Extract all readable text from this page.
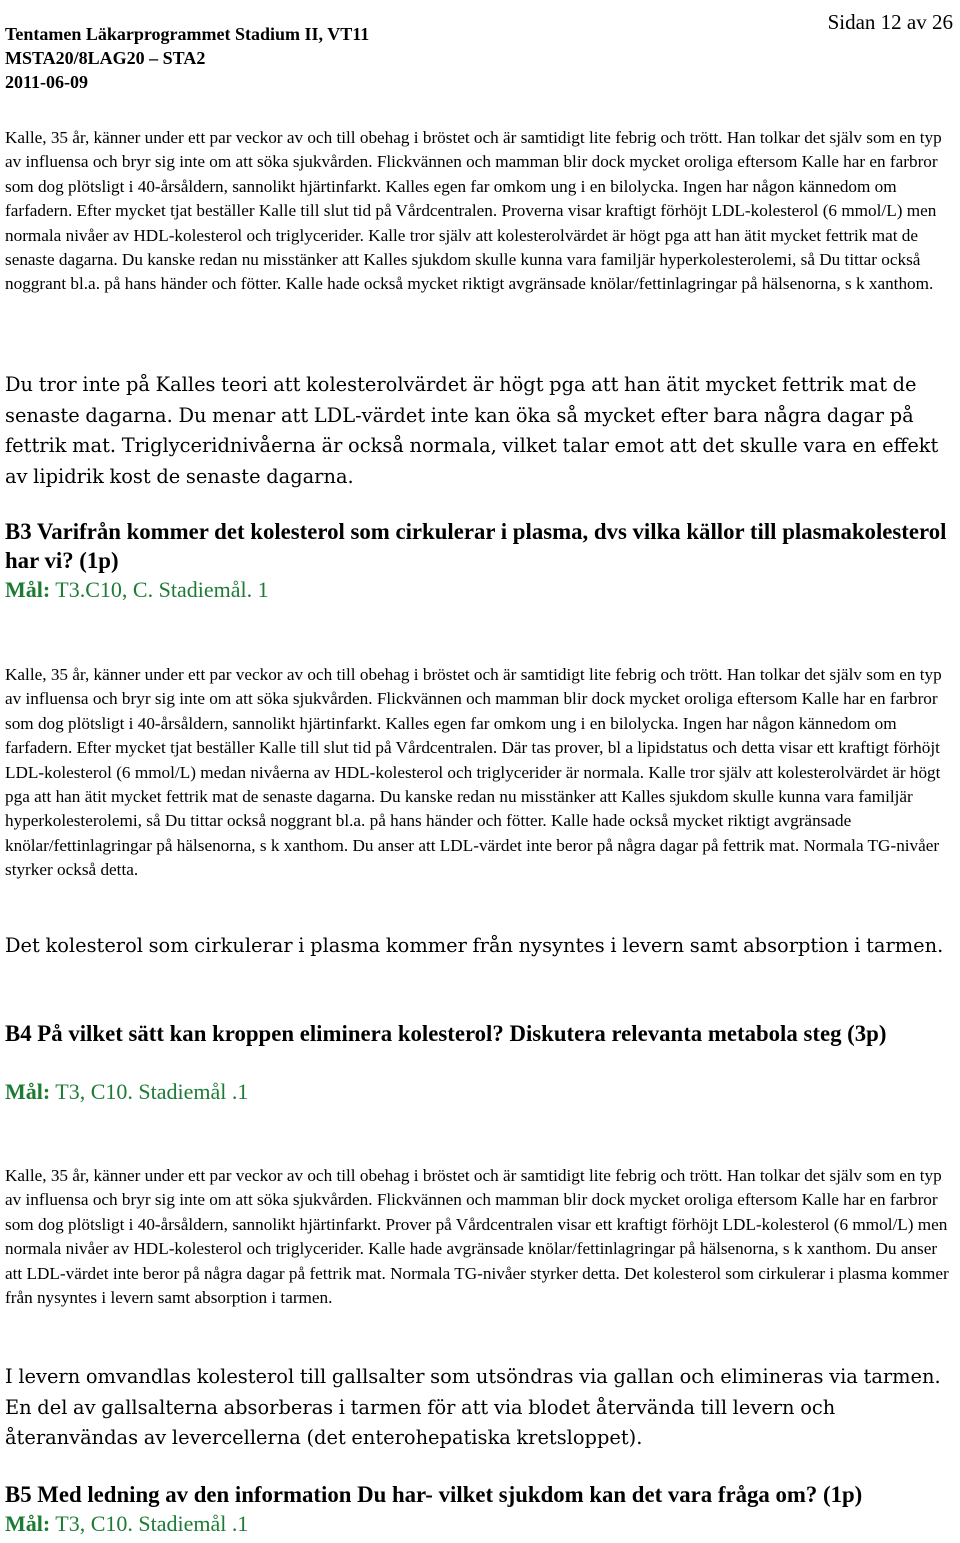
Tentamen Läkarprogrammet Stadium II, VT11
MSTA20/8LAG20 – STA2
2011-06-09
Sidan 12 av 26

Kalle, 35 år, känner under ett par veckor av och till obehag i bröstet och är samtidigt lite febrig och trött. Han tolkar det själv som en typ av influensa och bryr sig inte om att söka sjukvården. Flickvännen och mamman blir dock mycket oroliga eftersom Kalle har en farbror som dog plötsligt i 40-årsåldern, sannolikt hjärtinfarkt. Kalles egen far omkom ung i en bilolycka. Ingen har någon kännedom om farfadern. Efter mycket tjat beställer Kalle till slut tid på Vårdcentralen. Proverna visar kraftigt förhöjt LDL-kolesterol (6 mmol/L) men normala nivåer av HDL-kolesterol och triglycerider. Kalle tror själv att kolesterolvärdet är högt pga att han ätit mycket fettrik mat de senaste dagarna. Du kanske redan nu misstänker att Kalles sjukdom skulle kunna vara familjär hyperkolesterolemi, så Du tittar också noggrant bl.a. på hans händer och fötter. Kalle hade också mycket riktigt avgränsade knölar/fettinlagringar på hälsenorna, s k xanthom.

Du tror inte på Kalles teori att kolesterolvärdet är högt pga att han ätit mycket fettrik mat de senaste dagarna. Du menar att LDL-värdet inte kan öka så mycket efter bara några dagar på fettrik mat. Triglyceridnivåerna är också normala, vilket talar emot att det skulle vara en effekt av lipidrik kost de senaste dagarna.

B3 Varifrån kommer det kolesterol som cirkulerar i plasma, dvs vilka källor till plasmakolesterol har vi? (1p)

Mål: T3.C10, C. Stadiemål. 1

Kalle, 35 år, känner under ett par veckor av och till obehag i bröstet och är samtidigt lite febrig och trött. Han tolkar det själv som en typ av influensa och bryr sig inte om att söka sjukvården. Flickvännen och mamman blir dock mycket oroliga eftersom Kalle har en farbror som dog plötsligt i 40-årsåldern, sannolikt hjärtinfarkt. Kalles egen far omkom ung i en bilolycka. Ingen har någon kännedom om farfadern. Efter mycket tjat beställer Kalle till slut tid på Vårdcentralen. Där tas prover, bl a lipidstatus och detta visar ett kraftigt förhöjt LDL-kolesterol (6 mmol/L) medan nivåerna av HDL-kolesterol och triglycerider är normala. Kalle tror själv att kolesterolvärdet är högt pga att han ätit mycket fettrik mat de senaste dagarna. Du kanske redan nu misstänker att Kalles sjukdom skulle kunna vara familjär hyperkolesterolemi, så Du tittar också noggrant bl.a. på hans händer och fötter. Kalle hade också mycket riktigt avgränsade knölar/fettinlagringar på hälsenorna, s k xanthom. Du anser att LDL-värdet inte beror på några dagar på fettrik mat. Normala TG-nivåer styrker också detta.

Det kolesterol som cirkulerar i plasma kommer från nysyntes i levern samt absorption i tarmen.

B4 På vilket sätt kan kroppen eliminera kolesterol? Diskutera relevanta metabola steg (3p)

Mål: T3, C10. Stadiemål .1

Kalle, 35 år, känner under ett par veckor av och till obehag i bröstet och är samtidigt lite febrig och trött. Han tolkar det själv som en typ av influensa och bryr sig inte om att söka sjukvården. Flickvännen och mamman blir dock mycket oroliga eftersom Kalle har en farbror som dog plötsligt i 40-årsåldern, sannolikt hjärtinfarkt. Prover på Vårdcentralen visar ett kraftigt förhöjt LDL-kolesterol (6 mmol/L) men normala nivåer av HDL-kolesterol och triglycerider. Kalle hade avgränsade knölar/fettinlagringar på hälsenorna, s k xanthom. Du anser att LDL-värdet inte beror på några dagar på fettrik mat. Normala TG-nivåer styrker detta. Det kolesterol som cirkulerar i plasma kommer från nysyntes i levern samt absorption i tarmen.

I levern omvandlas kolesterol till gallsalter som utsöndras via gallan och elimineras via tarmen. En del av gallsalterna absorberas i tarmen för att via blodet återvända till levern och återanvändas av levercellerna (det enterohepatiska kretsloppet).

B5 Med ledning av den information Du har- vilket sjukdom kan det vara fråga om? (1p)

Mål: T3, C10. Stadiemål .1
